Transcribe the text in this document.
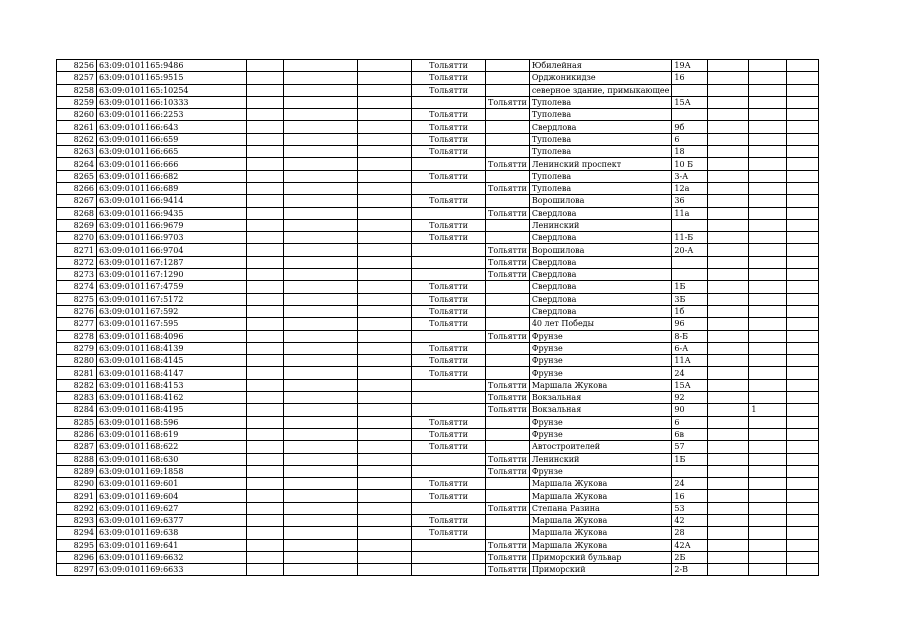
8256	63:09:0101165:9486				Тольятти		Юбилейная	19А			
8257	63:09:0101165:9515				Тольятти		Орджоникидзе	16			
8258	63:09:0101165:10254				Тольятти		северное здание, примыкающее				
8259	63:09:0101166:10333					Тольятти	Тупoлева	15А			
8260	63:09:0101166:2253				Тольятти		Тупoлева				
8261	63:09:0101166:643				Тольятти		Свердлова	9б			
8262	63:09:0101166:659				Тольятти		Тупoлева	6			
8263	63:09:0101166:665				Тольятти		Тупoлева	18			
8264	63:09:0101166:666					Тольятти	Ленинский проспект	10 Б			
8265	63:09:0101166:682				Тольятти		Тупoлева	3-А			
8266	63:09:0101166:689					Тольятти	Тупoлева	12а			
8267	63:09:0101166:9414				Тольятти		Ворошилова	36			
8268	63:09:0101166:9435					Тольятти	Свердлова	11а			
8269	63:09:0101166:9679				Тольятти		Ленинский				
8270	63:09:0101166:9703				Тольятти		Свердлова	11-Б			
8271	63:09:0101166:9704					Тольятти	Ворошилова	20-А			
8272	63:09:0101167:1287					Тольятти	Свердлова				
8273	63:09:0101167:1290					Тольятти	Свердлова				
8274	63:09:0101167:4759				Тольятти		Свердлова	1Б			
8275	63:09:0101167:5172				Тольятти		Свердлова	3Б			
8276	63:09:0101167:592				Тольятти		Свердлова	1б			
8277	63:09:0101167:595				Тольятти		40 лет Победы	96			
8278	63:09:0101168:4096					Тольятти	Фрунзе	8-Б			
8279	63:09:0101168:4139				Тольятти		Фрунзе	6-А			
8280	63:09:0101168:4145				Тольятти		Фрунзе	11А			
8281	63:09:0101168:4147				Тольятти		Фрунзе	24			
8282	63:09:0101168:4153					Тольятти	Маршала Жукова	15А			
8283	63:09:0101168:4162					Тольятти	Вокзальная	92			
8284	63:09:0101168:4195					Тольятти	Вокзальная	90		1	
8285	63:09:0101168:596				Тольятти		Фрунзе	6			
8286	63:09:0101168:619				Тольятти		Фрунзе	6в			
8287	63:09:0101168:622				Тольятти		Автостроителей	57			
8288	63:09:0101168:630					Тольятти	Ленинский	1Б			
8289	63:09:0101169:1858					Тольятти	Фрунзе				
8290	63:09:0101169:601				Тольятти		Маршала Жукова	24			
8291	63:09:0101169:604				Тольятти		Маршала Жукова	16			
8292	63:09:0101169:627					Тольятти	Степана Разина	53			
8293	63:09:0101169:6377				Тольятти		Маршала Жукова	42			
8294	63:09:0101169:638				Тольятти		Маршала Жукова	28			
8295	63:09:0101169:641					Тольятти	Маршала Жукова	42А			
8296	63:09:0101169:6632					Тольятти	Приморский бульвар	2Б			
8297	63:09:0101169:6633					Тольятти	Приморский	2-В			
